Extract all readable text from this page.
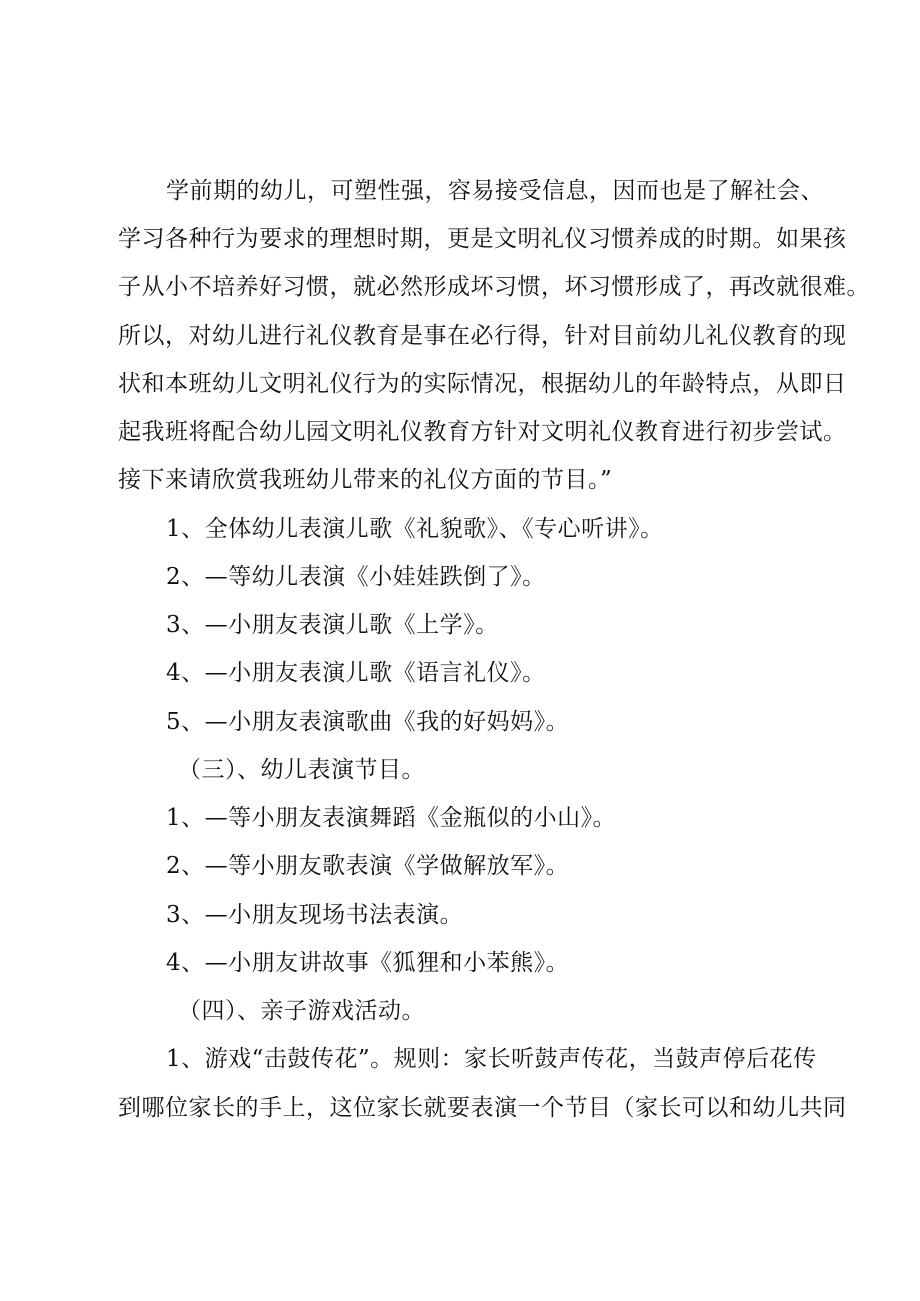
学前期的幼儿，可塑性强，容易接受信息，因而也是了解社会、
学习各种行为要求的理想时期，更是文明礼仪习惯养成的时期。如果孩
子从小不培养好习惯，就必然形成坏习惯，坏习惯形成了，再改就很难。
所以，对幼儿进行礼仪教育是事在必行得，针对目前幼儿礼仪教育的现
状和本班幼儿文明礼仪行为的实际情况，根据幼儿的年龄特点，从即日
起我班将配合幼儿园文明礼仪教育方针对文明礼仪教育进行初步尝试。
接下来请欣赏我班幼儿带来的礼仪方面的节目。”
1、全体幼儿表演儿歌《礼貌歌》、《专心听讲》。
2、—等幼儿表演《小娃娃跌倒了》。
3、—小朋友表演儿歌《上学》。
4、—小朋友表演儿歌《语言礼仪》。
5、—小朋友表演歌曲《我的好妈妈》。
（三）、幼儿表演节目。
1、—等小朋友表演舞蹈《金瓶似的小山》。
2、—等小朋友歌表演《学做解放军》。
3、—小朋友现场书法表演。
4、—小朋友讲故事《狐狸和小苯熊》。
（四）、亲子游戏活动。
1、游戏“击鼓传花”。规则：家长听鼓声传花，当鼓声停后花传
到哪位家长的手上，这位家长就要表演一个节目（家长可以和幼儿共同
